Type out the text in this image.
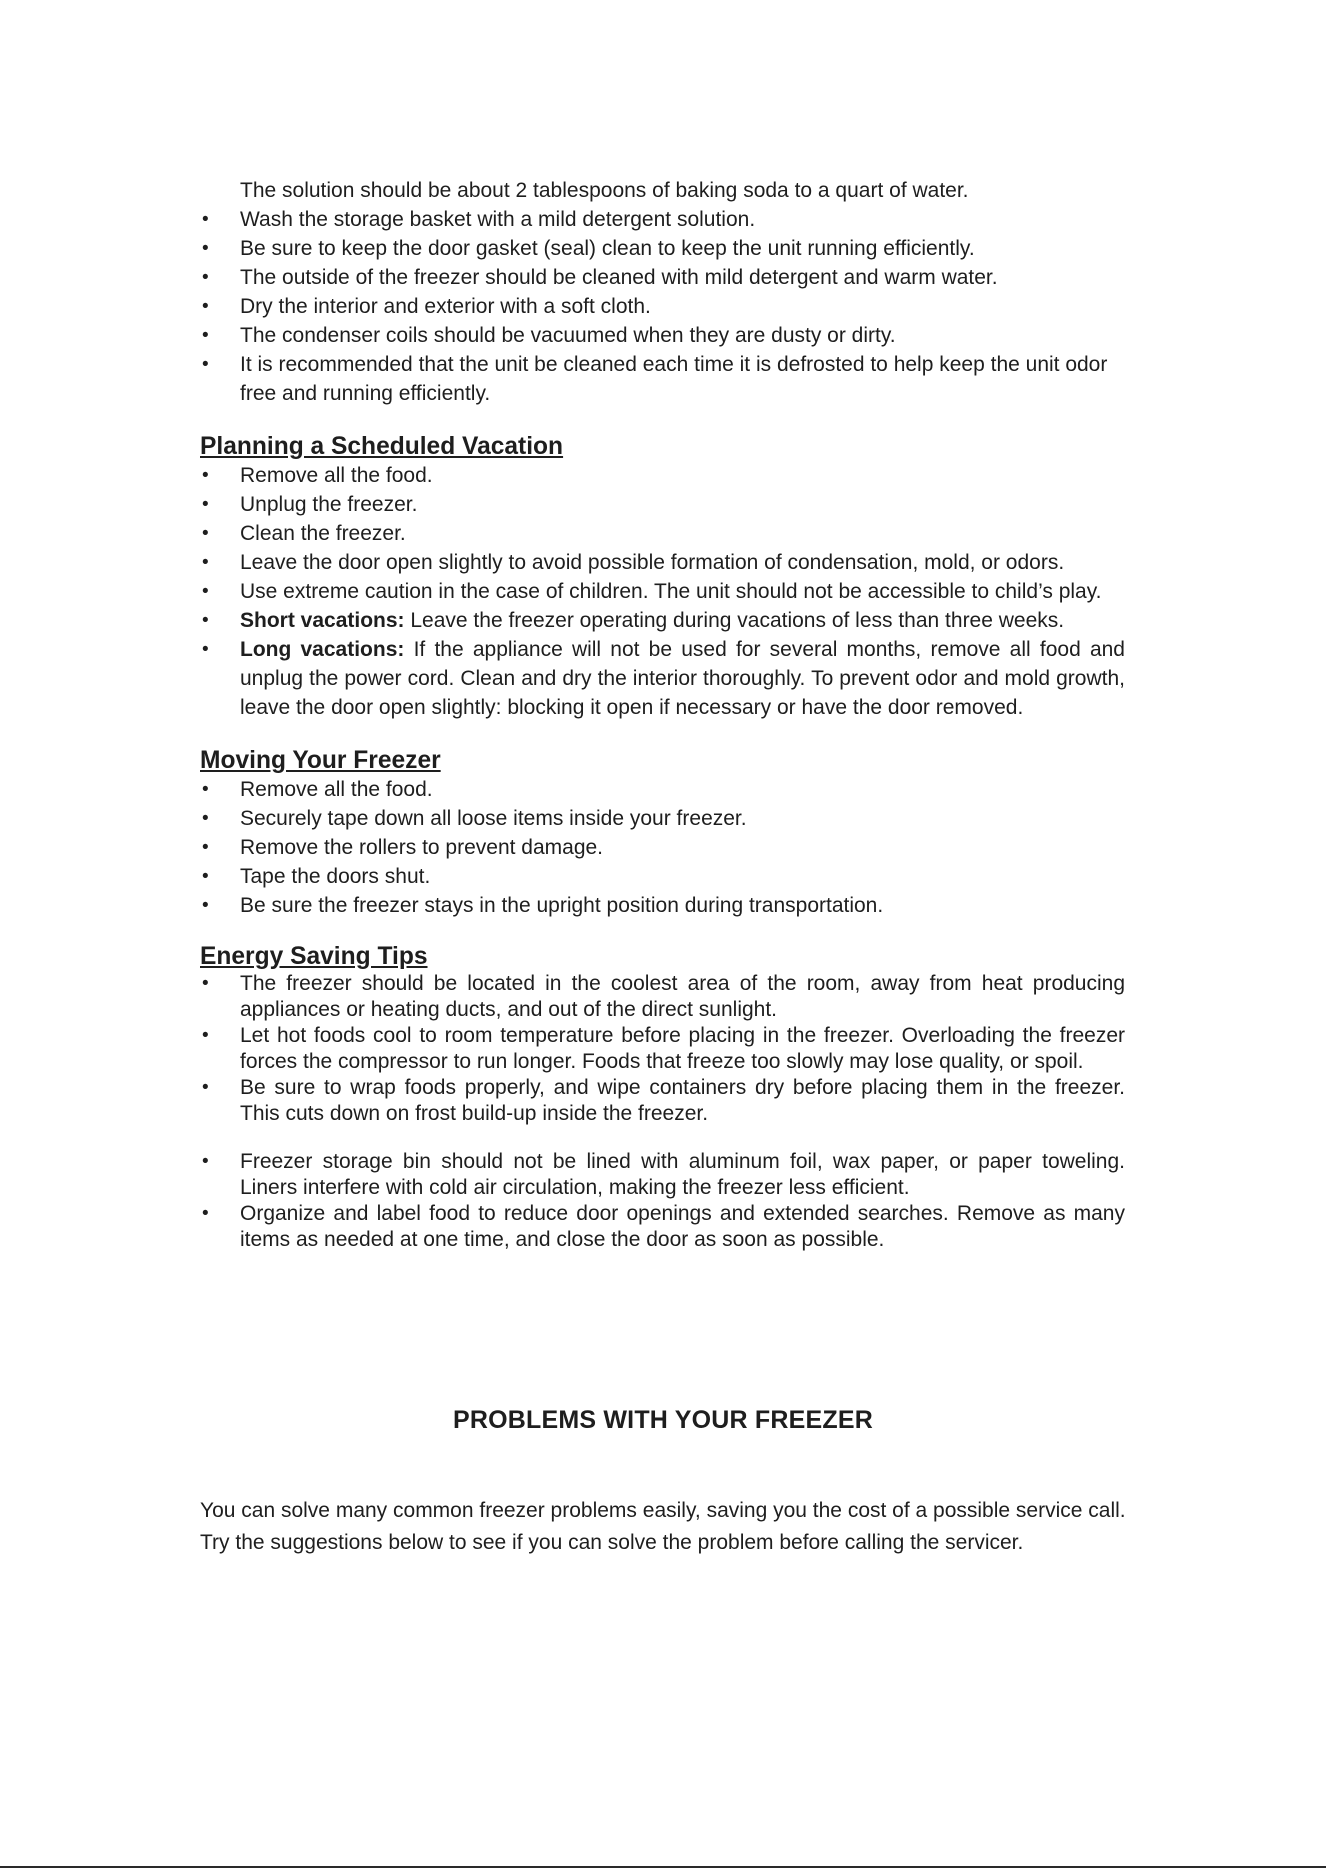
The solution should be about 2 tablespoons of baking soda to a quart of water.
• Wash the storage basket with a mild detergent solution.
• Be sure to keep the door gasket (seal) clean to keep the unit running efficiently.
• The outside of the freezer should be cleaned with mild detergent and warm water.
• Dry the interior and exterior with a soft cloth.
• The condenser coils should be vacuumed when they are dusty or dirty.
• It is recommended that the unit be cleaned each time it is defrosted to help keep the unit odor free and running efficiently.
Planning a Scheduled Vacation
• Remove all the food.
• Unplug the freezer.
• Clean the freezer.
• Leave the door open slightly to avoid possible formation of condensation, mold, or odors.
• Use extreme caution in the case of children. The unit should not be accessible to child’s play.
• Short vacations: Leave the freezer operating during vacations of less than three weeks.
• Long vacations: If the appliance will not be used for several months, remove all food and unplug the power cord. Clean and dry the interior thoroughly. To prevent odor and mold growth, leave the door open slightly: blocking it open if necessary or have the door removed.
Moving Your Freezer
• Remove all the food.
• Securely tape down all loose items inside your freezer.
• Remove the rollers to prevent damage.
• Tape the doors shut.
• Be sure the freezer stays in the upright position during transportation.
Energy Saving Tips
• The freezer should be located in the coolest area of the room, away from heat producing appliances or heating ducts, and out of the direct sunlight.
• Let hot foods cool to room temperature before placing in the freezer. Overloading the freezer forces the compressor to run longer. Foods that freeze too slowly may lose quality, or spoil.
• Be sure to wrap foods properly, and wipe containers dry before placing them in the freezer. This cuts down on frost build-up inside the freezer.
• Freezer storage bin should not be lined with aluminum foil, wax paper, or paper toweling. Liners interfere with cold air circulation, making the freezer less efficient.
• Organize and label food to reduce door openings and extended searches. Remove as many items as needed at one time, and close the door as soon as possible.
PROBLEMS WITH YOUR FREEZER
You can solve many common freezer problems easily, saving you the cost of a possible service call. Try the suggestions below to see if you can solve the problem before calling the servicer.
